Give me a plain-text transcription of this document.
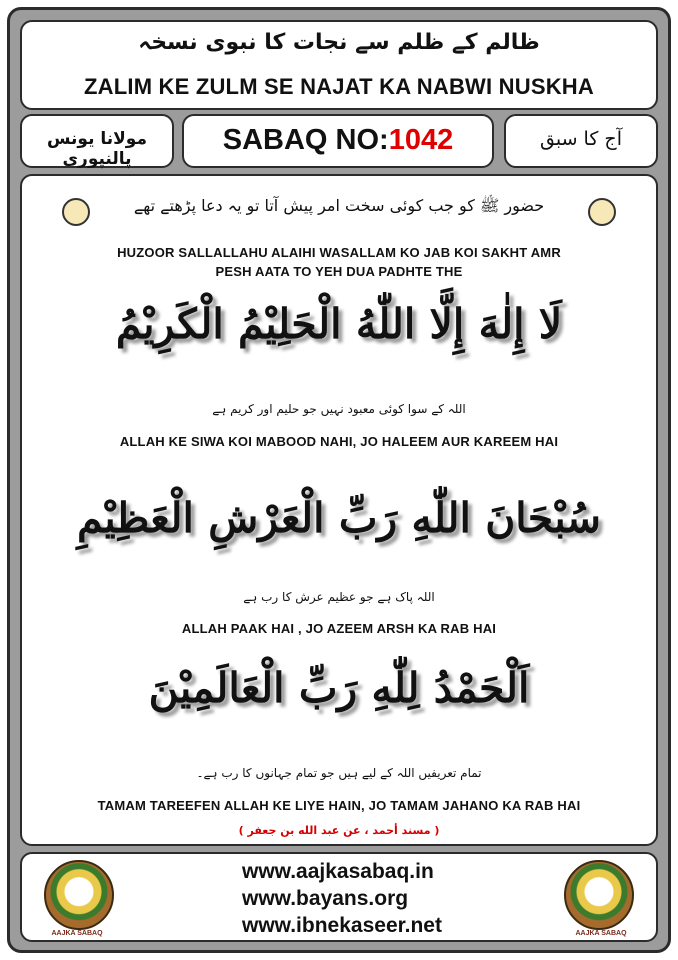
ظالم کے ظلم سے نجات کا نبوی نسخہ
ZALIM KE ZULM SE NAJAT KA NABWI NUSKHA
مولانا یونس پالنپوری
SABAQ NO:1042	آج کا سبق
حضور ﷺ کو جب کوئی سخت امر پیش آتا تو یہ دعا پڑھتے تھے
HUZOOR SALLALLAHU ALAIHI WASALLAM KO JAB KOI SAKHT AMR PESH AATA TO YEH DUA PADHTE THE
لَا إِلٰهَ إِلَّا اللّٰهُ الْحَلِيْمُ الْكَرِيْمُ
اللہ کے سوا کوئی معبود نہیں جو حلیم اور کریم ہے
ALLAH KE SIWA KOI MABOOD NAHI, JO HALEEM AUR KAREEM HAI
سُبْحَانَ اللّٰهِ رَبِّ الْعَرْشِ الْعَظِيْمِ
اللہ پاک ہے جو عظیم عرش کا رب ہے
ALLAH PAAK HAI , JO AZEEM ARSH KA RAB HAI
اَلْحَمْدُ لِلّٰهِ رَبِّ الْعَالَمِيْنَ
تمام تعریفیں اللہ کے لیے ہیں جو تمام جہانوں کا رب ہے۔
TAMAM TAREEFEN ALLAH KE LIYE HAIN, JO TAMAM JAHANO KA RAB HAI
( مسند أحمد ، عن عبد الله بن جعفر )
AAJKA SABAQ
www.aajkasabaq.in
www.bayans.org
www.ibnekaseer.net	AAJKA SABAQ
